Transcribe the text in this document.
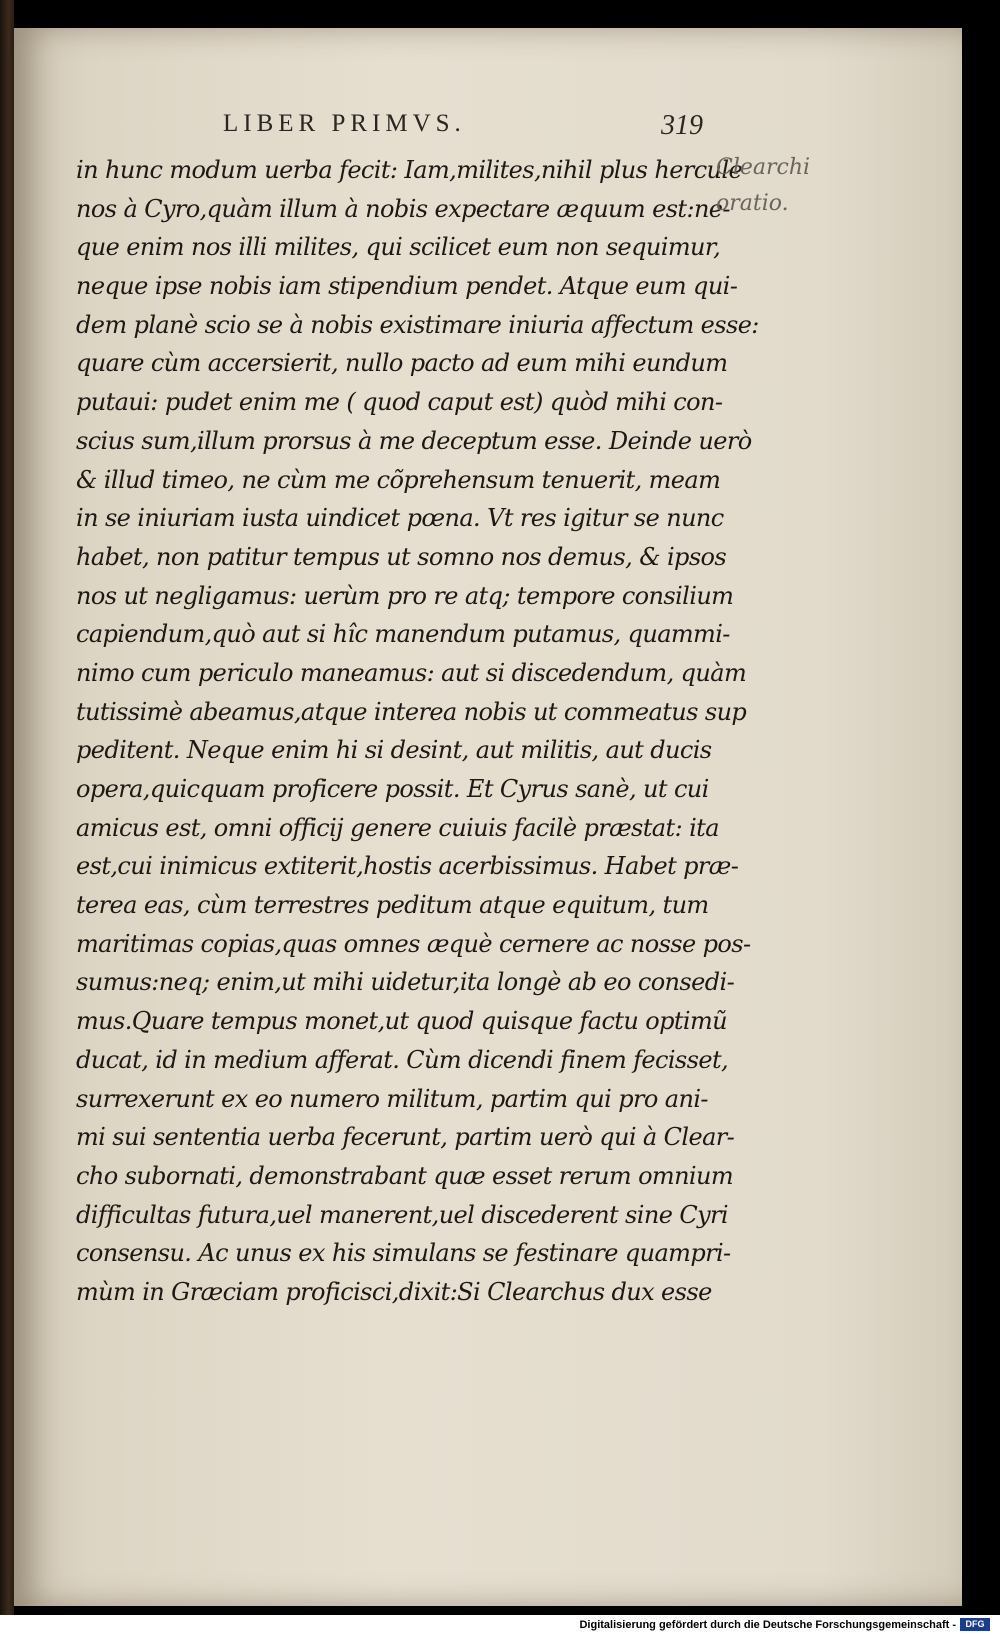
LIBER PRIMVS.	319
in hunc modum uerba fecit: Iam,milites,nihil plus hercule
nos à Cyro,quàm illum à nobis expectare æquum est:ne-
que enim nos illi milites, qui scilicet eum non sequimur,
neque ipse nobis iam stipendium pendet. Atque eum qui-
dem planè scio se à nobis existimare iniuria affectum esse:
quare cùm accersierit, nullo pacto ad eum mihi eundum
putaui: pudet enim me ( quod caput est) quòd mihi con-
scius sum,illum prorsus à me deceptum esse. Deinde uerò
& illud timeo, ne cùm me cõprehensum tenuerit, meam
in se iniuriam iusta uindicet pœna. Vt res igitur se nunc
habet, non patitur tempus ut somno nos demus, & ipsos
nos ut negligamus: uerùm pro re atq; tempore consilium
capiendum,quò aut si hîc manendum putamus, quammi-
nimo cum periculo maneamus: aut si discedendum, quàm
tutissimè abeamus,atque interea nobis ut commeatus sup
peditent. Neque enim hi si desint, aut militis, aut ducis
opera,quicquam proficere possit. Et Cyrus sanè, ut cui
amicus est, omni officij genere cuiuis facilè præstat: ita
est,cui inimicus extiterit,hostis acerbissimus. Habet præ-
terea eas, cùm terrestres peditum atque equitum, tum
maritimas copias,quas omnes æquè cernere ac nosse pos-
sumus:neq; enim,ut mihi uidetur,ita longè ab eo consedi-
mus.Quare tempus monet,ut quod quisque factu optimũ
ducat, id in medium afferat. Cùm dicendi finem fecisset,
surrexerunt ex eo numero militum, partim qui pro ani-
mi sui sententia uerba fecerunt, partim uerò qui à Clear-
cho subornati, demonstrabant quæ esset rerum omnium
difficultas futura,uel manerent,uel discederent sine Cyri
consensu. Ac unus ex his simulans se festinare quampri-
mùm in Græciam proficisci,dixit:Si Clearchus dux esse
Clearchi
oratio.
Digitalisierung gefördert durch die Deutsche Forschungsgemeinschaft -	DFG
